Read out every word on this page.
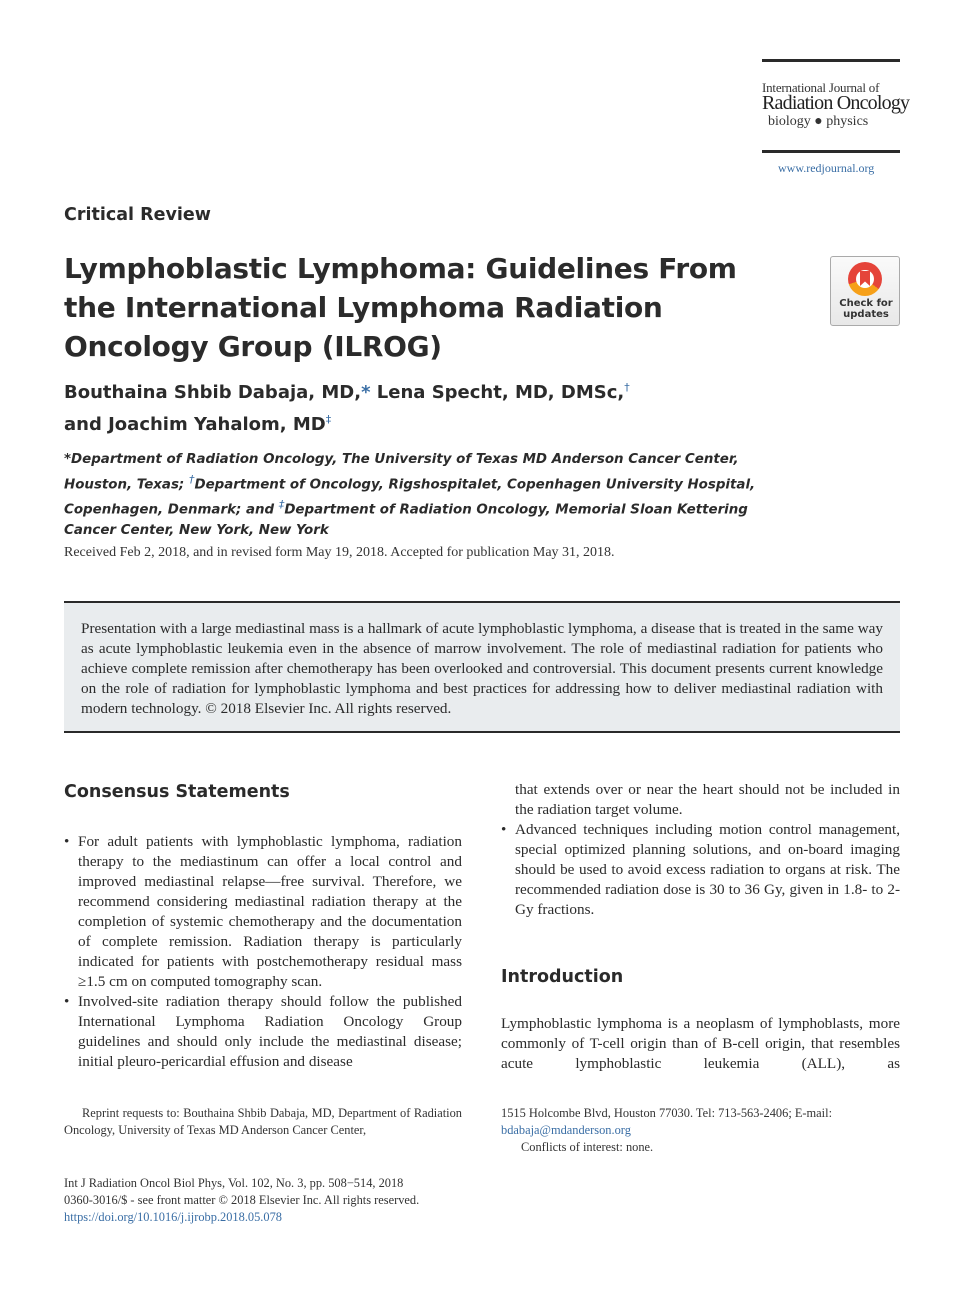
International Journal of
Radiation Oncology
biology ● physics
www.redjournal.org
Critical Review
Lymphoblastic Lymphoma: Guidelines From the International Lymphoma Radiation Oncology Group (ILROG)
Check for
updates
Bouthaina Shbib Dabaja, MD,* Lena Specht, MD, DMSc,†
and Joachim Yahalom, MD‡
*Department of Radiation Oncology, The University of Texas MD Anderson Cancer Center, Houston, Texas; †Department of Oncology, Rigshospitalet, Copenhagen University Hospital, Copenhagen, Denmark; and ‡Department of Radiation Oncology, Memorial Sloan Kettering Cancer Center, New York, New York
Received Feb 2, 2018, and in revised form May 19, 2018. Accepted for publication May 31, 2018.
Presentation with a large mediastinal mass is a hallmark of acute lymphoblastic lymphoma, a disease that is treated in the same way as acute lymphoblastic leukemia even in the absence of marrow involvement. The role of mediastinal radiation for patients who achieve complete remission after chemotherapy has been overlooked and controversial. This document presents current knowledge on the role of radiation for lymphoblastic lymphoma and best practices for addressing how to deliver mediastinal radiation with modern technology. © 2018 Elsevier Inc. All rights reserved.
Consensus Statements
• For adult patients with lymphoblastic lymphoma, radiation therapy to the mediastinum can offer a local control and improved mediastinal relapse—free survival. Therefore, we recommend considering mediastinal radiation therapy at the completion of systemic chemotherapy and the documentation of complete remission. Radiation therapy is particularly indicated for patients with postchemotherapy residual mass ≥1.5 cm on computed tomography scan.
• Involved-site radiation therapy should follow the published International Lymphoma Radiation Oncology Group guidelines and should only include the mediastinal disease; initial pleuro-pericardial effusion and disease
that extends over or near the heart should not be included in the radiation target volume.
• Advanced techniques including motion control management, special optimized planning solutions, and on-board imaging should be used to avoid excess radiation to organs at risk. The recommended radiation dose is 30 to 36 Gy, given in 1.8- to 2-Gy fractions.
Introduction
Lymphoblastic lymphoma is a neoplasm of lymphoblasts, more commonly of T-cell origin than of B-cell origin, that resembles acute lymphoblastic leukemia (ALL), as
Reprint requests to: Bouthaina Shbib Dabaja, MD, Department of Radiation Oncology, University of Texas MD Anderson Cancer Center,
1515 Holcombe Blvd, Houston 77030. Tel: 713-563-2406; E-mail:
bdabaja@mdanderson.org
Conflicts of interest: none.
Int J Radiation Oncol Biol Phys, Vol. 102, No. 3, pp. 508−514, 2018
0360-3016/$ - see front matter © 2018 Elsevier Inc. All rights reserved.
https://doi.org/10.1016/j.ijrobp.2018.05.078
